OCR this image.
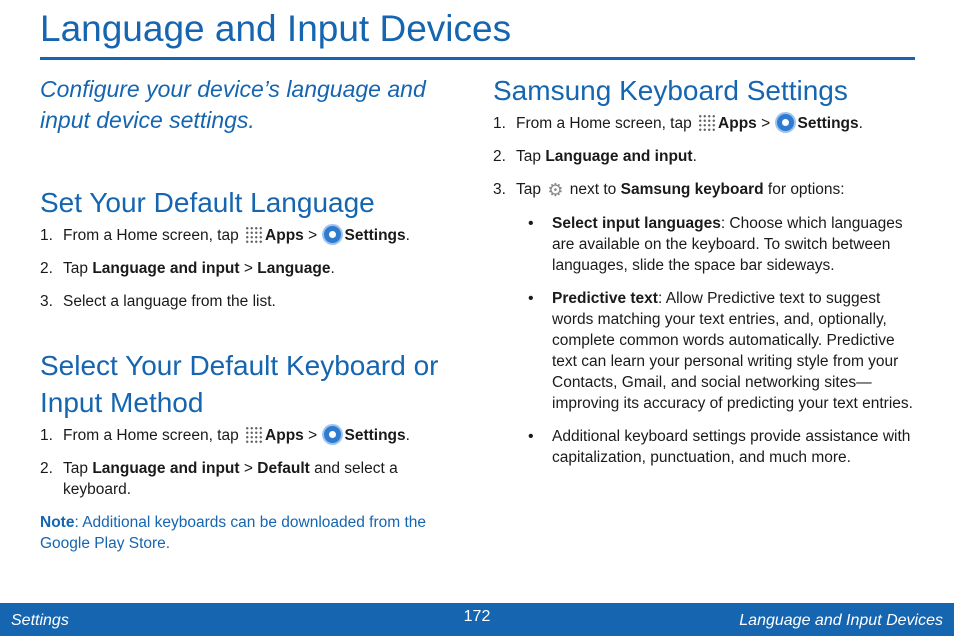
Language and Input Devices

Configure your device’s language and input device settings.

Set Your Default Language
1. From a Home screen, tap Apps > Settings.
2. Tap Language and input > Language.
3. Select a language from the list.
Select Your Default Keyboard or Input Method
1. From a Home screen, tap Apps > Settings.
2. Tap Language and input > Default and select a keyboard.

Note: Additional keyboards can be downloaded from the Google Play Store.

Samsung Keyboard Settings
1. From a Home screen, tap Apps > Settings.
2. Tap Language and input.
3. Tap ⚙ next to Samsung keyboard for options:
• Select input languages: Choose which languages are available on the keyboard. To switch between languages, slide the space bar sideways.
• Predictive text: Allow Predictive text to suggest words matching your text entries, and, optionally, complete common words automatically. Predictive text can learn your personal writing style from your Contacts, Gmail, and social networking sites—improving its accuracy of predicting your text entries.
• Additional keyboard settings provide assistance with capitalization, punctuation, and much more.
Settings	172	Language and Input Devices
